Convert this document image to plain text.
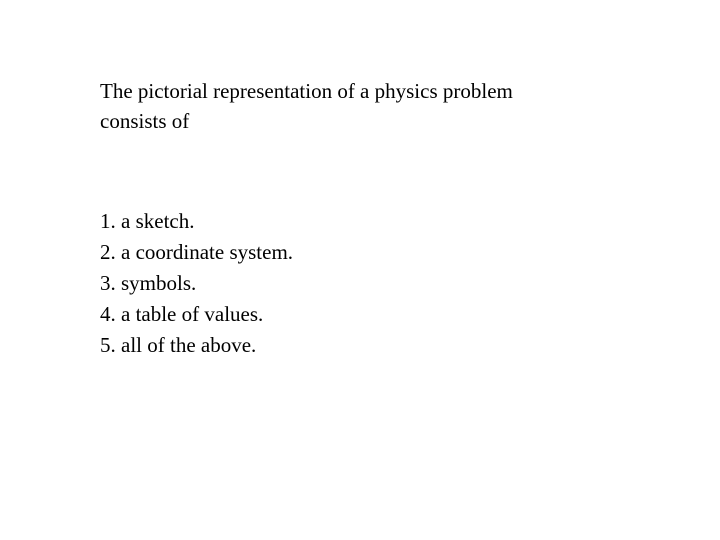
The pictorial representation of a physics problem
consists of
1. a sketch.
2. a coordinate system.
3. symbols.
4. a table of values.
5. all of the above.
